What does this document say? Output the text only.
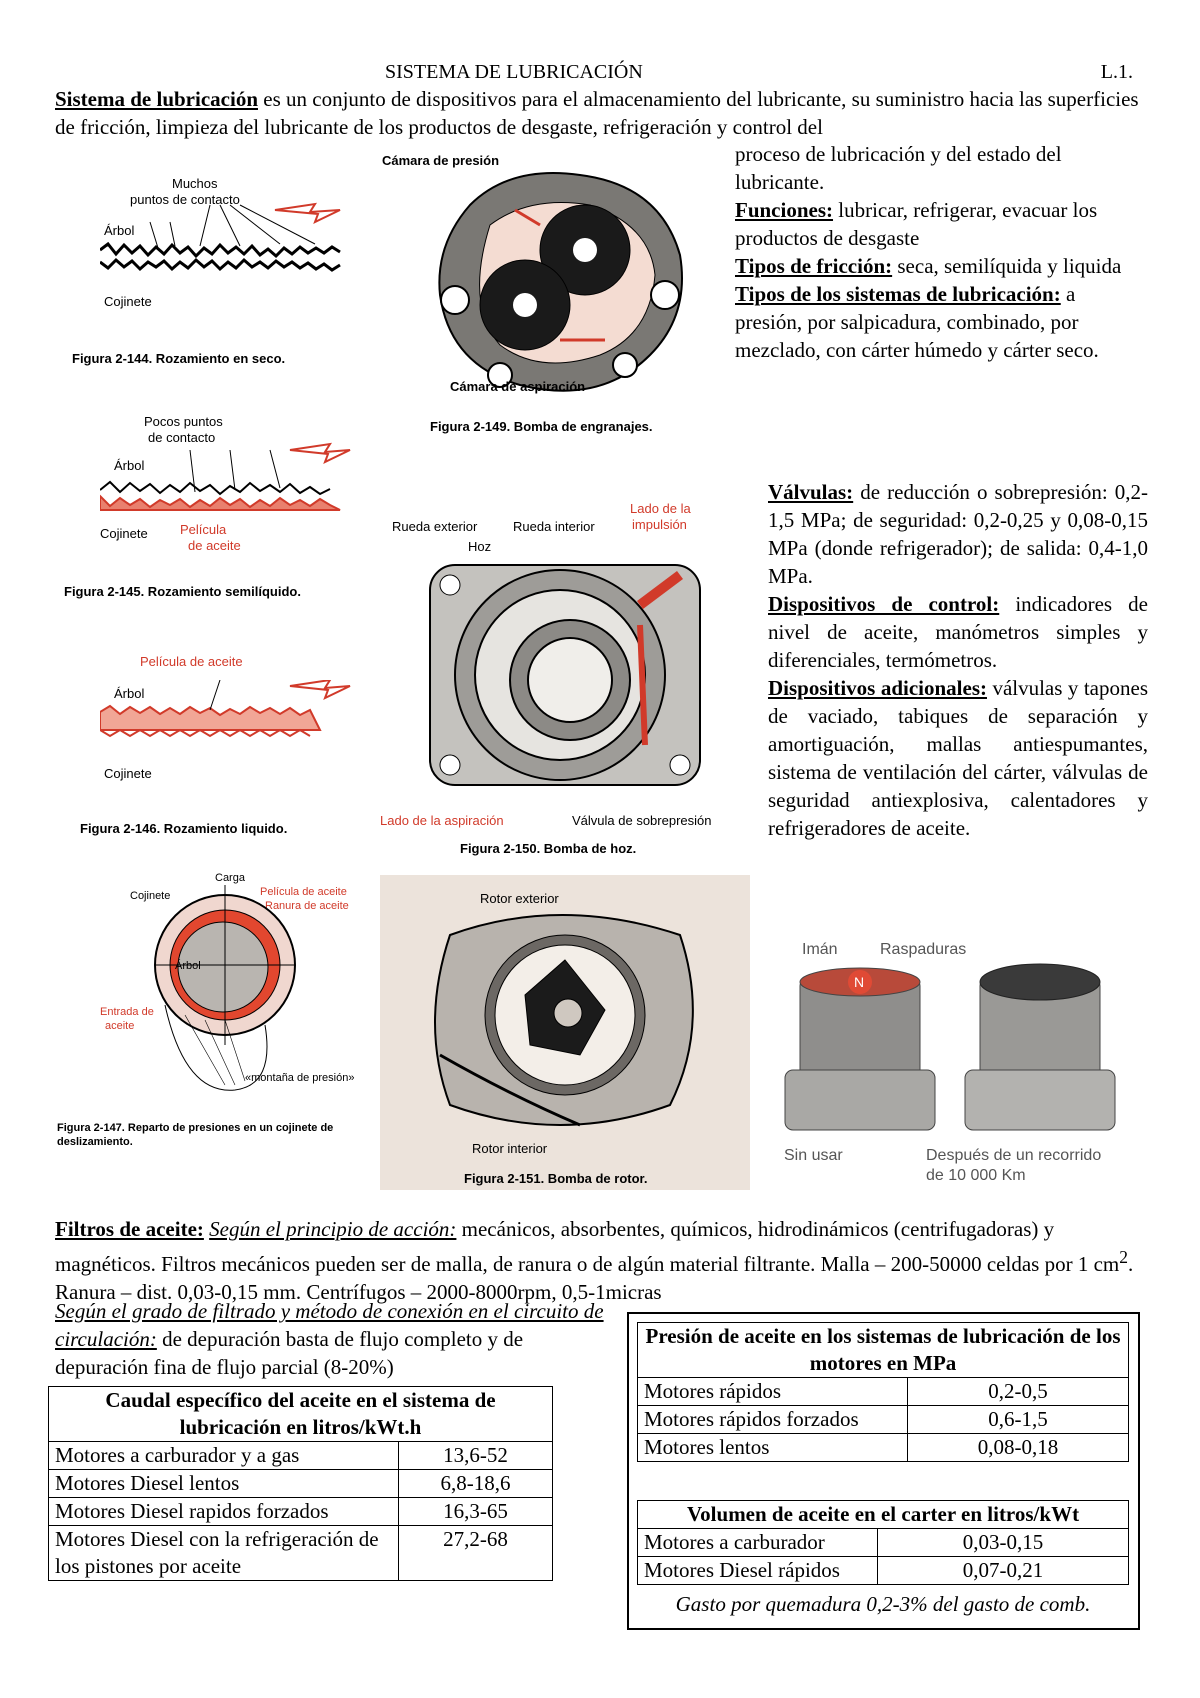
SISTEMA DE LUBRICACIÓN	L.1.
Sistema de lubricación es un conjunto de dispositivos para el almacenamiento del lubricante, su suministro hacia las superficies de fricción, limpieza del lubricante de los productos de desgaste, refrigeración y control del
proceso de lubricación y del estado del lubricante.
Funciones: lubricar, refrigerar, evacuar los productos de desgaste
Tipos de fricción: seca, semilíquida y liquida
Tipos de los sistemas de lubricación: a presión, por salpicadura, combinado, por mezclado, con cárter húmedo y cárter seco.
Válvulas: de reducción o sobrepresión: 0,2-1,5 MPa; de seguridad: 0,2-0,25 y 0,08-0,15 MPa (donde refrigerador); de salida: 0,4-1,0 MPa.
Dispositivos de control: indicadores de nivel de aceite, manómetros simples y diferenciales, termómetros.
Dispositivos adicionales: válvulas y tapones de vaciado, tabiques de separación y amortiguación, mallas antiespumantes, sistema de ventilación del cárter, válvulas de seguridad antiexplosiva, calentadores y refrigeradores de aceite.
Muchos
puntos de contacto
Árbol
Cojinete
Figura 2-144. Rozamiento en seco.
Pocos puntos
de contacto
Árbol
Cojinete Película
de aceite
Figura 2-145. Rozamiento semilíquido.
Película de aceite
Árbol
Cojinete
Figura 2-146. Rozamiento liquido.
Carga
Cojinete	Película de aceite
Ranura de aceite
Árbol
Entrada de
aceite
«montaña de presión»
Figura 2-147. Reparto de presiones en un cojinete de
deslizamiento.
Cámara de presión
Cámara de aspiración
Figura 2-149. Bomba de engranajes.
Rueda exterior	Rueda interior
Hoz
Lado de la
impulsión
Lado de la aspiración	Válvula de sobrepresión
Figura 2-150. Bomba de hoz.
Rotor exterior
Rotor interior
Figura 2-151. Bomba de rotor.
Imán	Raspaduras
N
Sin usar	Después de un recorrido
de 10 000 Km
Filtros de aceite: Según el principio de acción: mecánicos, absorbentes, químicos, hidrodinámicos (centrifugadoras) y magnéticos. Filtros mecánicos pueden ser de malla, de ranura o de algún material filtrante. Malla – 200-50000 celdas por 1 $cm^2$. Ranura – dist. 0,03-0,15 mm. Centrífugos – 2000-8000rpm, 0,5-1micras
Según el grado de filtrado y método de conexión en el circuito de circulación: de depuración basta de flujo completo y de depuración fina de flujo parcial (8-20%)
Caudal específico del aceite en el sistema de lubricación en litros/kWt.h	
Motores a carburador y a gas	13,6-52
Motores Diesel lentos	6,8-18,6
Motores Diesel rapidos forzados	16,3-65
Motores Diesel con la refrigeración de los pistones por aceite	27,2-68
Presión de aceite en los sistemas de lubricación de los motores en MPa	
Motores rápidos	0,2-0,5
Motores rápidos forzados	0,6-1,5
Motores lentos	0,08-0,18
Volumen de aceite en el carter en litros/kWt	
Motores a carburador	0,03-0,15
Motores Diesel rápidos	0,07-0,21
Gasto por quemadura 0,2-3% del gasto de comb.
